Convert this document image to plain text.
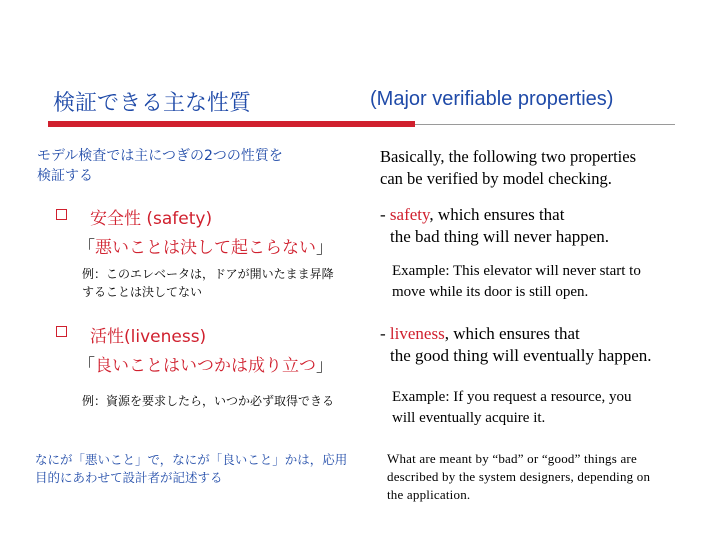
検証できる主な性質	(Major verifiable properties)
モデル検査では主につぎの2つの性質を
検証する
Basically, the following two properties
can be verified by model checking.
安全性 (safety)
「悪いことは決して起こらない」
例：このエレベータは，ドアが開いたまま昇降
することは決してない
- safety, which ensures that
the bad thing will never happen.
Example: This elevator will never start to
move while its door is still open.
活性(liveness)
「良いことはいつかは成り立つ」
例：資源を要求したら，いつか必ず取得できる
- liveness, which ensures that
the good thing will eventually happen.
Example: If you request a resource, you
will eventually acquire it.
なにが「悪いこと」で，なにが「良いこと」かは，応用
目的にあわせて設計者が記述する
What are meant by “bad” or “good” things are
described by the system designers, depending on
the application.
